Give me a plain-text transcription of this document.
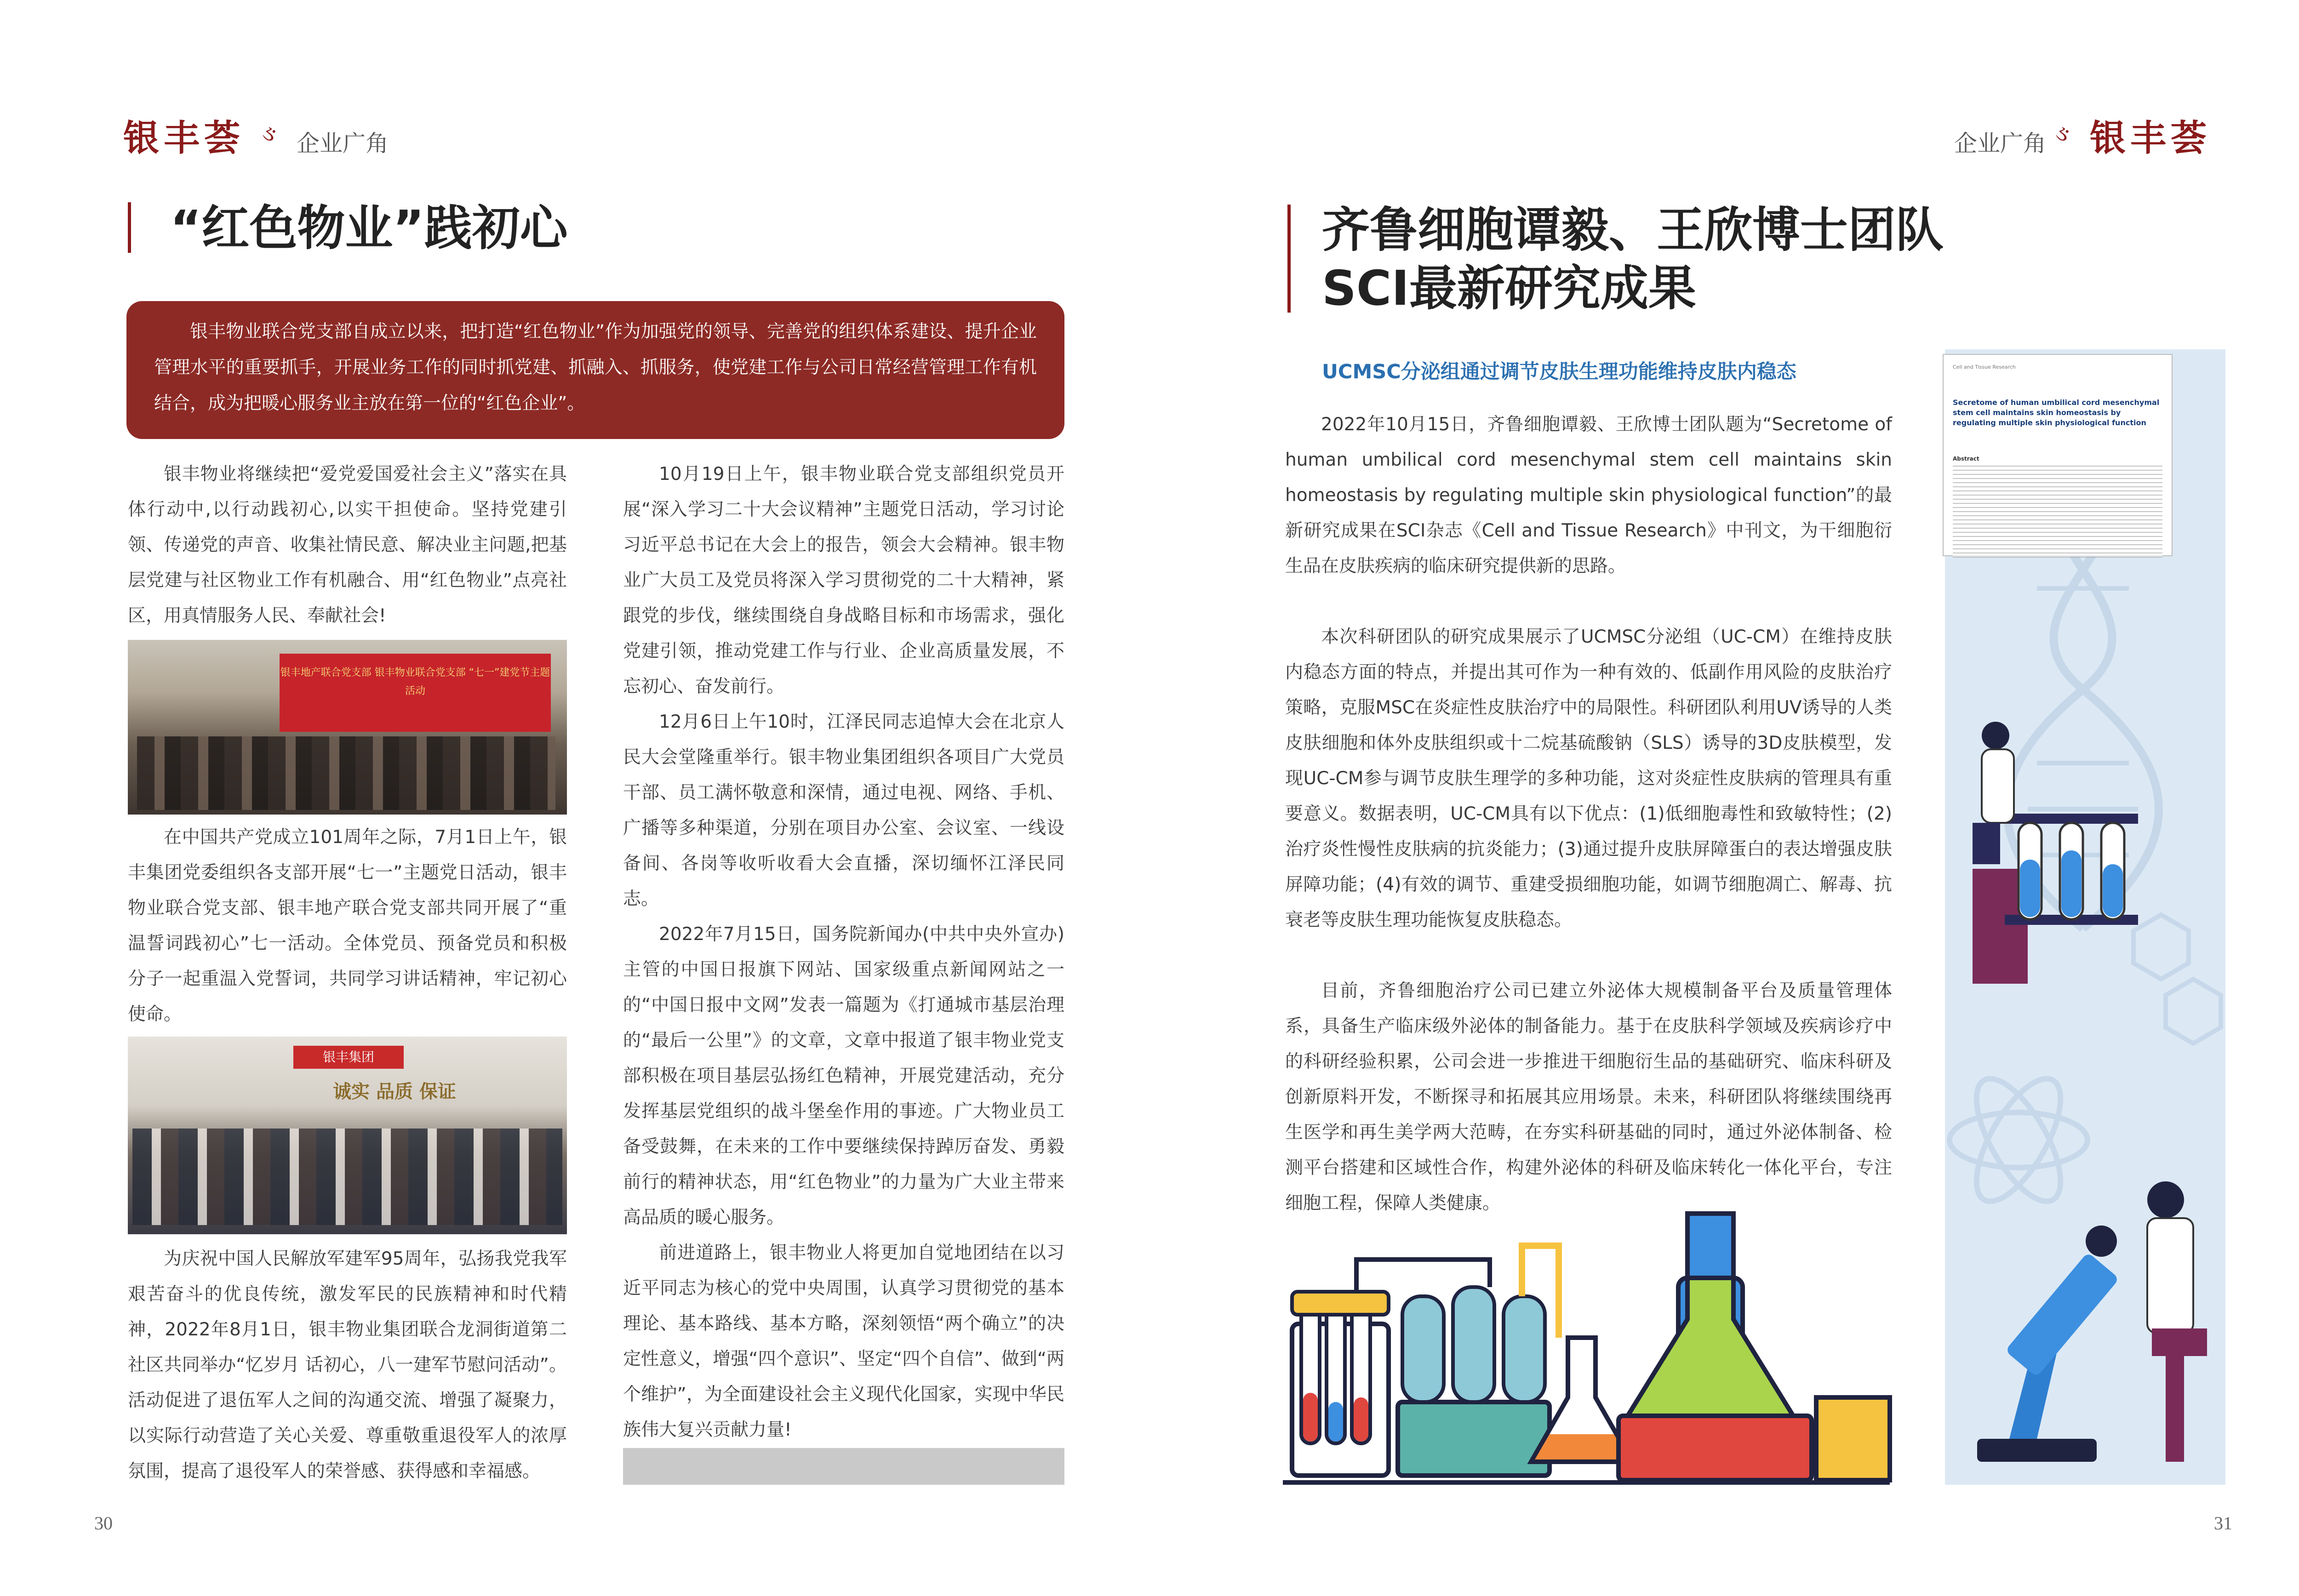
银丰荟 ઙ 企业广角
“红色物业”践初心
银丰物业联合党支部自成立以来，把打造“红色物业”作为加强党的领导、完善党的组织体系建设、提升企业管理水平的重要抓手，开展业务工作的同时抓党建、抓融入、抓服务，使党建工作与公司日常经营管理工作有机结合，成为把暖心服务业主放在第一位的“红色企业”。

银丰物业将继续把“爱党爱国爱社会主义”落实在具体行动中,以行动践初心,以实干担使命。坚持党建引领、传递党的声音、收集社情民意、解决业主问题,把基层党建与社区物业工作有机融合、用“红色物业”点亮社区，用真情服务人民、奉献社会!

银丰地产联合党支部 银丰物业联合党支部 “七一”建党节主题活动

在中国共产党成立101周年之际，7月1日上午，银丰集团党委组织各支部开展“七一”主题党日活动，银丰物业联合党支部、银丰地产联合党支部共同开展了“重温誓词践初心”七一活动。全体党员、预备党员和积极分子一起重温入党誓词，共同学习讲话精神，牢记初心使命。

银丰集团
诚实 品质 保证

为庆祝中国人民解放军建军95周年，弘扬我党我军艰苦奋斗的优良传统，激发军民的民族精神和时代精神，2022年8月1日，银丰物业集团联合龙洞街道第二社区共同举办“忆岁月 话初心，八一建军节慰问活动”。活动促进了退伍军人之间的沟通交流、增强了凝聚力，以实际行动营造了关心关爱、尊重敬重退役军人的浓厚氛围，提高了退役军人的荣誉感、获得感和幸福感。

10月19日上午，银丰物业联合党支部组织党员开展“深入学习二十大会议精神”主题党日活动，学习讨论习近平总书记在大会上的报告，领会大会精神。银丰物业广大员工及党员将深入学习贯彻党的二十大精神，紧跟党的步伐，继续围绕自身战略目标和市场需求，强化党建引领，推动党建工作与行业、企业高质量发展，不忘初心、奋发前行。

12月6日上午10时，江泽民同志追悼大会在北京人民大会堂隆重举行。银丰物业集团组织各项目广大党员干部、员工满怀敬意和深情，通过电视、网络、手机、广播等多种渠道，分别在项目办公室、会议室、一线设备间、各岗等收听收看大会直播，深切缅怀江泽民同志。

2022年7月15日，国务院新闻办(中共中央外宣办)主管的中国日报旗下网站、国家级重点新闻网站之一的“中国日报中文网”发表一篇题为《打通城市基层治理的“最后一公里”》的文章，文章中报道了银丰物业党支部积极在项目基层弘扬红色精神，开展党建活动，充分发挥基层党组织的战斗堡垒作用的事迹。广大物业员工备受鼓舞，在未来的工作中要继续保持踔厉奋发、勇毅前行的精神状态，用“红色物业”的力量为广大业主带来高品质的暖心服务。

前进道路上，银丰物业人将更加自觉地团结在以习近平同志为核心的党中央周围，认真学习贯彻党的基本理论、基本路线、基本方略，深刻领悟“两个确立”的决定性意义，增强“四个意识”、坚定“四个自信”、做到“两个维护”，为全面建设社会主义现代化国家，实现中华民族伟大复兴贡献力量!

30
企业广角 ઙ 银丰荟
齐鲁细胞谭毅、王欣博士团队
SCI最新研究成果
UCMSC分泌组通过调节皮肤生理功能维持皮肤内稳态

2022年10月15日，齐鲁细胞谭毅、王欣博士团队题为“Secretome of human umbilical cord mesenchymal stem cell maintains skin homeostasis by regulating multiple skin physiological function”的最新研究成果在SCI杂志《Cell and Tissue Research》中刊文，为干细胞衍生品在皮肤疾病的临床研究提供新的思路。

本次科研团队的研究成果展示了UCMSC分泌组（UC-CM）在维持皮肤内稳态方面的特点，并提出其可作为一种有效的、低副作用风险的皮肤治疗策略，克服MSC在炎症性皮肤治疗中的局限性。科研团队利用UV诱导的人类皮肤细胞和体外皮肤组织或十二烷基硫酸钠（SLS）诱导的3D皮肤模型，发现UC-CM参与调节皮肤生理学的多种功能，这对炎症性皮肤病的管理具有重要意义。数据表明，UC-CM具有以下优点：(1)低细胞毒性和致敏特性；(2)治疗炎性慢性皮肤病的抗炎能力；(3)通过提升皮肤屏障蛋白的表达增强皮肤屏障功能；(4)有效的调节、重建受损细胞功能，如调节细胞凋亡、解毒、抗衰老等皮肤生理功能恢复皮肤稳态。

目前，齐鲁细胞治疗公司已建立外泌体大规模制备平台及质量管理体系，具备生产临床级外泌体的制备能力。基于在皮肤科学领域及疾病诊疗中的科研经验积累，公司会进一步推进干细胞衍生品的基础研究、临床科研及创新原料开发，不断探寻和拓展其应用场景。未来，科研团队将继续围绕再生医学和再生美学两大范畴，在夯实科研基础的同时，通过外泌体制备、检测平台搭建和区域性合作，构建外泌体的科研及临床转化一体化平台，专注细胞工程，保障人类健康。

Cell and Tissue Research
Secretome of human umbilical cord mesenchymal stem cell maintains skin homeostasis by regulating multiple skin physiological function
Abstract
31
